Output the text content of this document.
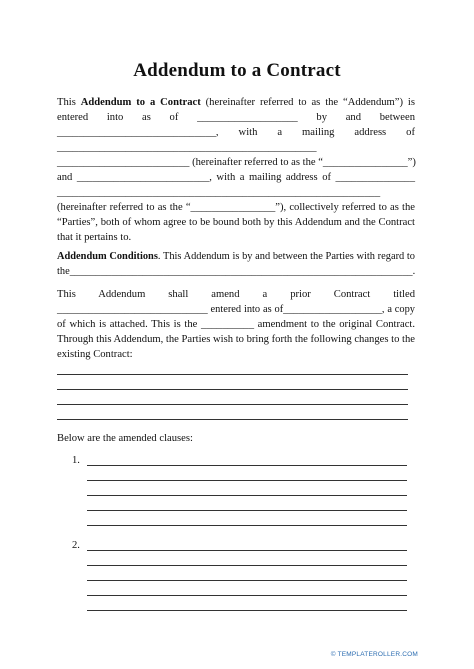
Addendum to a Contract
This Addendum to a Contract (hereinafter referred to as the “Addendum”) is
entered into as of ___________________ by and between
______________________________, with a mailing address of
_________________________________________________
_________________________ (hereinafter referred to as the “________________”)
and _________________________, with a mailing address of _______________
_____________________________________________________________
(hereinafter referred to as the “________________”), collectively referred to as the
“Parties”, both of whom agree to be bound both by this Addendum and the Contract
that it pertains to.
Addendum Conditions. This Addendum is by and between the Parties with regard to
the__________________________________________________________________.
This Addendum shall amend a prior Contract titled
_____________________________ entered into as of___________________, a copy
of which is attached. This is the __________ amendment to the original Contract.
Through this Addendum, the Parties wish to bring forth the following changes to the
existing Contract:
Below are the amended clauses:
1.
2.
© TEMPLATEROLLER.COM
